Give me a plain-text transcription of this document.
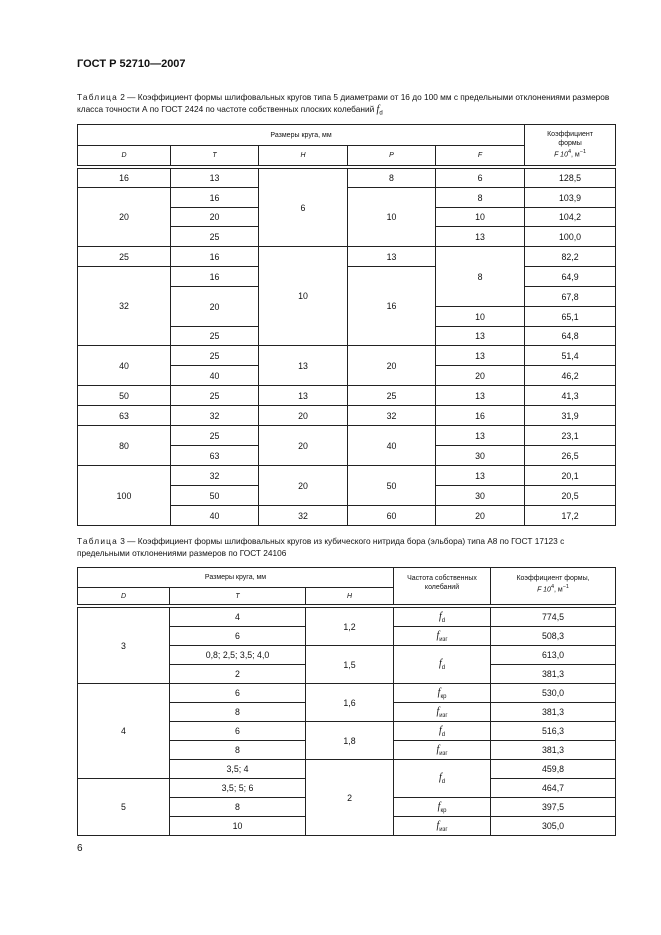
ГОСТ Р 52710—2007
Таблица 2 — Коэффициент формы шлифовальных кругов типа 5 диаметрами от 16 до 100 мм с предельными отклонениями размеров класса точности А по ГОСТ 2424 по частоте собственных плоских колебаний $f_d$
Размеры круга, мм					Коэффициент
формы
F $10^4$, $м^{-1}$
D	T	H	P	F	

16	13	6	8	6	128,5
20	16		10	8	103,9
	20			10	104,2
	25			13	100,0
25	16	10	13	8	82,2
32	16		16		64,9
	20				67,8
				10	65,1
	25			13	64,8
40	25	13	20	13	51,4
	40			20	46,2
50	25	13	25	13	41,3
63	32	20	32	16	31,9
80	25	20	40	13	23,1
	63			30	26,5
100	32	20	50	13	20,1
	50			30	20,5
	40	32	60	20	17,2
Таблица 3 — Коэффициент формы шлифовальных кругов из кубического нитрида бора (эльбора) типа А8 по ГОСТ 17123 с предельными отклонениями размеров по ГОСТ 24106
Размеры круга, мм			Частота собственных колебаний	Коэффициент формы,
F $10^4$, $м^{-1}$
D	T	H		

3	4	1,2	$f_d$	774,5
	6		$f_{изг}$	508,3
	0,8; 2,5; 3,5; 4,0	1,5	$f_d$	613,0
	2			381,3
4	6	1,6	$f_{кр}$	530,0
	8		$f_{изг}$	381,3
	6	1,8	$f_d$	516,3
	8		$f_{изг}$	381,3
	3,5; 4	2	$f_d$	459,8
5	3,5; 5; 6			464,7
	8		$f_{кр}$	397,5
	10		$f_{изг}$	305,0
6
